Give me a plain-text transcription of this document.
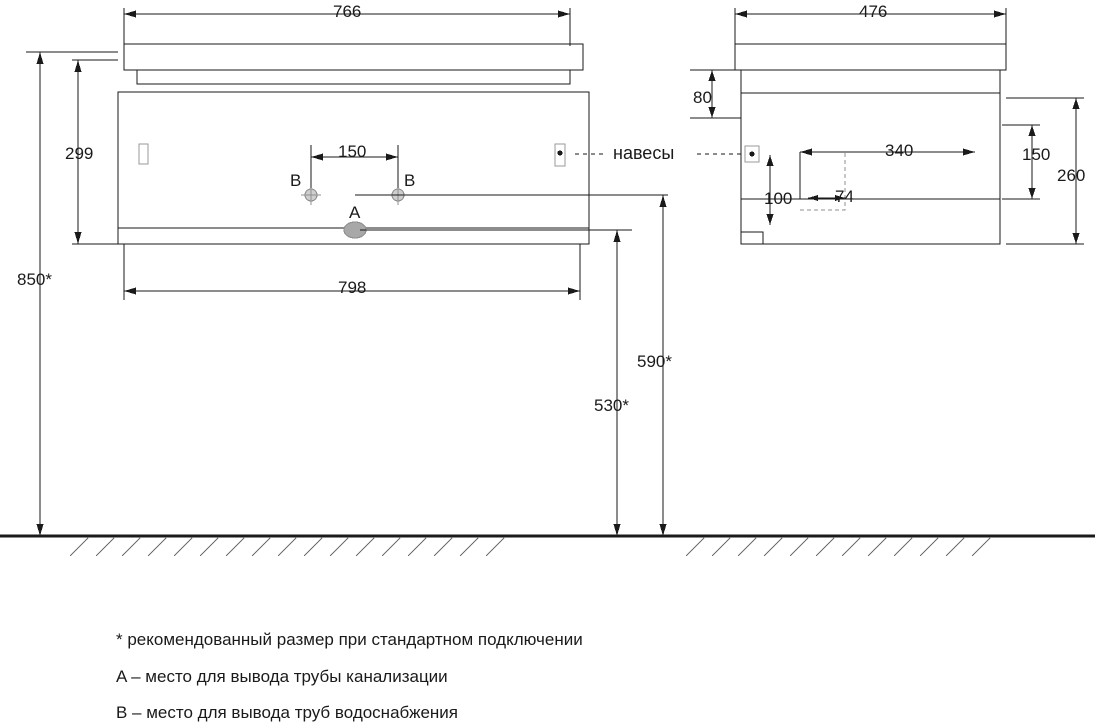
766	476
299
850*
150
B	B
A
798
590*
530*
80
340
74
100
150
260
навесы
* рекомендованный размер при стандартном подключении
A – место для вывода трубы канализации
B – место для вывода труб водоснабжения
